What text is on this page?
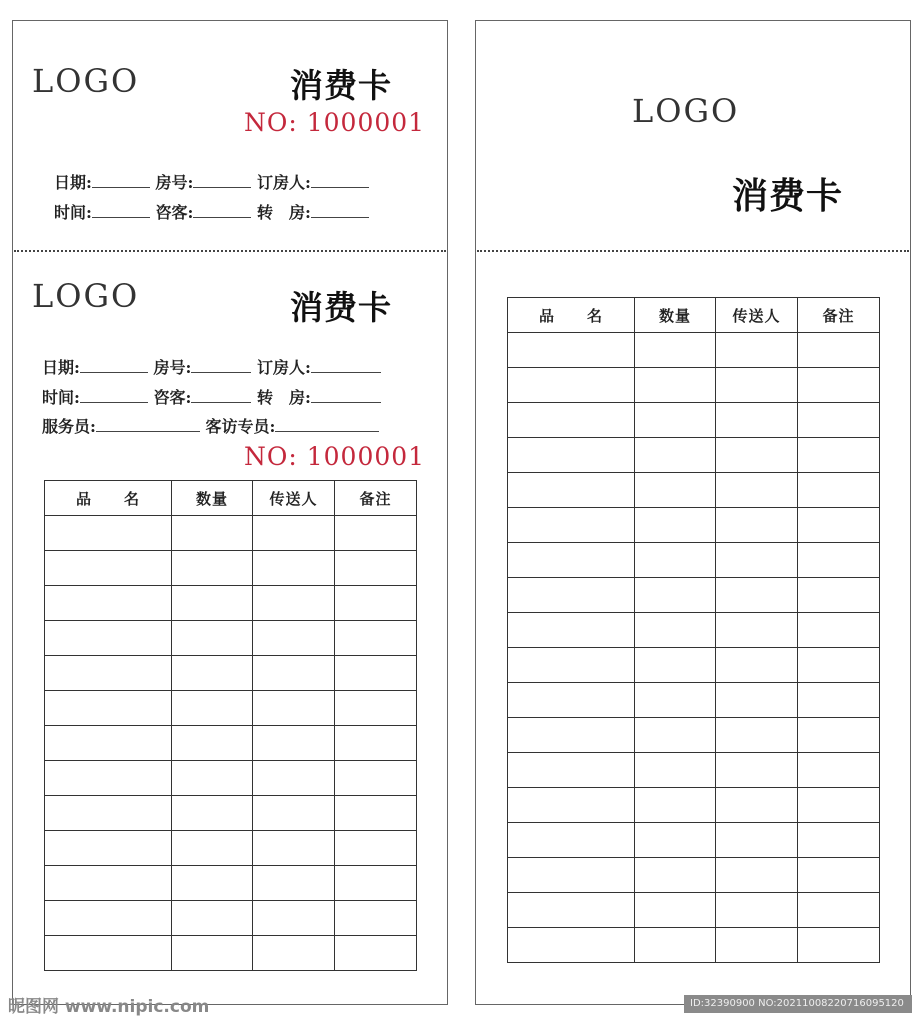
LOGO	消费卡
NO: 1000001
日期:	房号:	订房人:
时间:	咨客:	转　房:
LOGO	消费卡
日期:	房号:	订房人:
时间:	咨客:	转　房:
服务员:	客访专员:
NO: 1000001
品　　名	数量	传送人	备注

LOGO
消费卡
品　　名	数量	传送人	备注

昵图网 www.nipic.com	ID:32390900 NO:20211008220716095120
